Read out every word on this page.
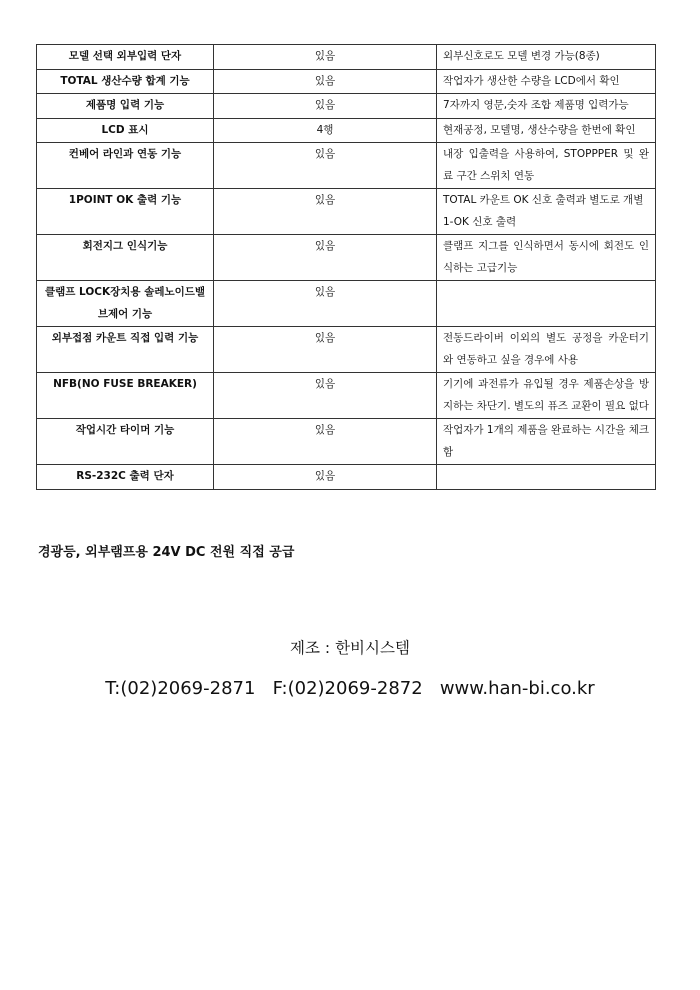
모델 선택 외부입력 단자	있음	외부신호로도 모델 변경 가능(8종)

TOTAL 생산수량 합계 기능	있음	작업자가 생산한 수량을 LCD에서 확인

제품명 입력 기능	있음	7자까지 영문,숫자 조합 제품명 입력가능

LCD 표시	4행	현재공정, 모델명, 생산수량을 한번에 확인

컨베어 라인과 연동 기능	있음	내장 입출력을 사용하여, STOPPPER 및 완료 구간 스위치 연동

1POINT OK 출력 기능	있음	TOTAL 카운트 OK 신호 출력과 별도로 개별
1-OK 신호 출력

회전지그 인식기능	있음	클램프 지그를 인식하면서 동시에 회전도 인식하는 고급기능

클램프 LOCK장치용 솔레노이드밸브제어 기능	있음	
외부접점 카운트 직접 입력 기능	있음	전동드라이버 이외의 별도 공정을 카운터기와 연동하고 싶을 경우에 사용

NFB(NO FUSE BREAKER)	있음	기기에 과전류가 유입될 경우 제품손상을 방지하는 차단기. 별도의 퓨즈 교환이 필요 없다

작업시간 타이머 기능	있음	작업자가 1개의 제품을 완료하는 시간을 체크함

RS-232C 출력 단자	있음	
경광등, 외부램프용 24V DC 전원 직접 공급
제조 : 한비시스템
T:(02)2069-2871   F:(02)2069-2872   www.han-bi.co.kr
